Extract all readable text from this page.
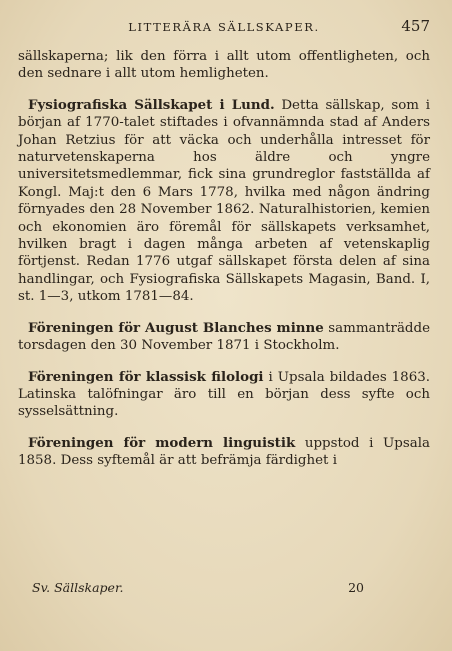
LITTERÄRA SÄLLSKAPER.	457

sällskaperna; lik den förra i allt utom offentligheten, och den sednare i allt utom hemligheten.

Fysiografiska Sällskapet i Lund. Detta sällskap, som i början af 1770-talet stiftades i ofvannämnda stad af Anders Johan Retzius för att väcka och underhålla intresset för naturvetenskaperna hos äldre och yngre universitetsmedlemmar, fick sina grundreglor fastställda af Kongl. Maj:t den 6 Mars 1778, hvilka med någon ändring förnyades den 28 November 1862. Naturalhistorien, kemien och ekonomien äro föremål för sällskapets verksamhet, hvilken bragt i dagen många arbeten af vetenskaplig förtjenst. Redan 1776 utgaf sällskapet första delen af sina handlingar, och Fysiografiska Sällskapets Magasin, Band. I, st. 1—3, utkom 1781—84.

Föreningen för August Blanches minne sammanträdde torsdagen den 30 November 1871 i Stockholm.

Föreningen för klassisk filologi i Upsala bildades 1863. Latinska talöfningar äro till en början dess syfte och sysselsättning.

Föreningen för modern linguistik uppstod i Upsala 1858. Dess syftemål är att befrämja färdighet i

Sv. Sällskaper.	20
